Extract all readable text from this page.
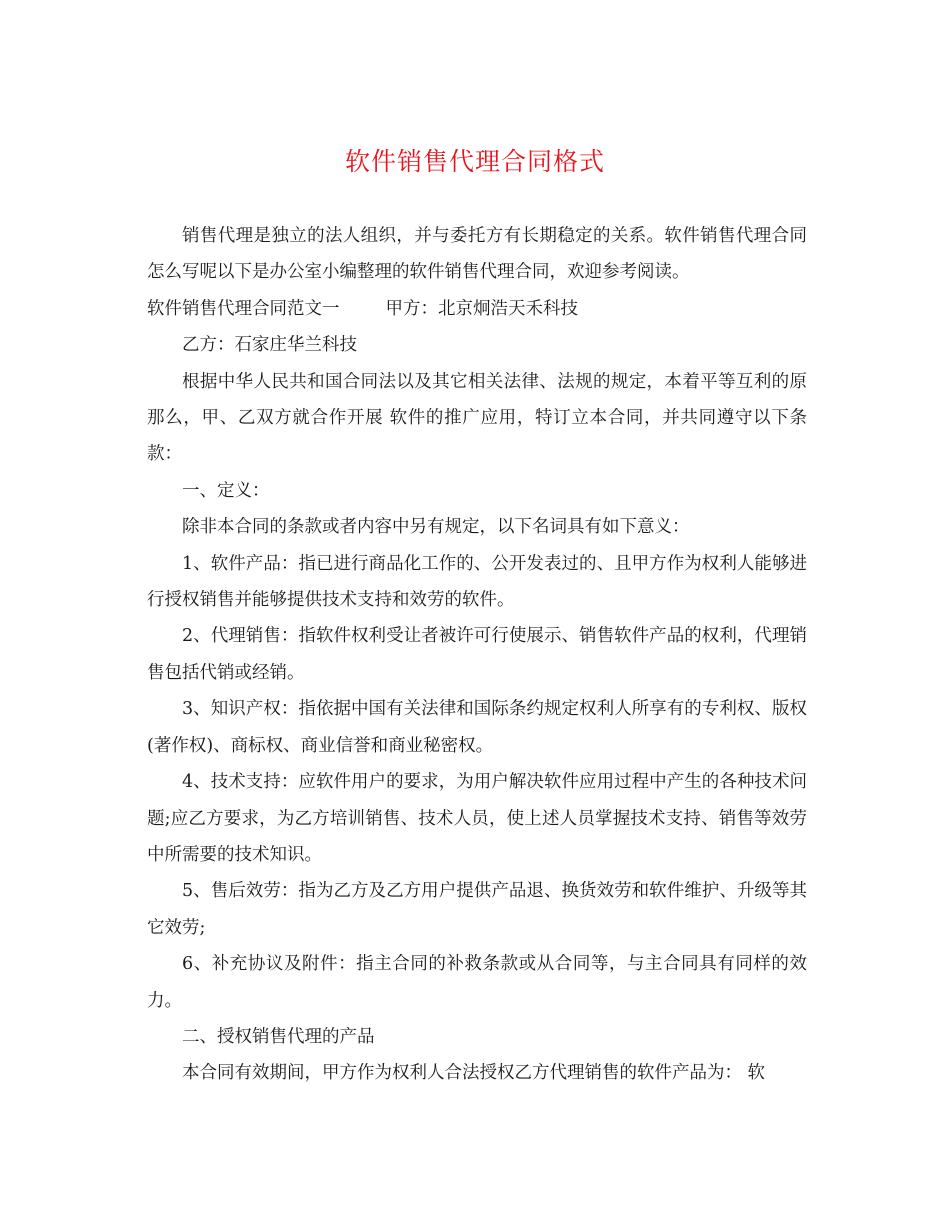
软件销售代理合同格式

销售代理是独立的法人组织，并与委托方有长期稳定的关系。软件销售代理合同怎么写呢以下是办公室小编整理的软件销售代理合同，欢迎参考阅读。

软件销售代理合同范文一	甲方：北京炯浩天禾科技

乙方：石家庄华兰科技

根据中华人民共和国合同法以及其它相关法律、法规的规定，本着平等互利的原那么，甲、乙双方就合作开展 软件的推广应用，特订立本合同，并共同遵守以下条款：

一、定义：

除非本合同的条款或者内容中另有规定，以下名词具有如下意义：

1、软件产品：指已进行商品化工作的、公开发表过的、且甲方作为权利人能够进行授权销售并能够提供技术支持和效劳的软件。

2、代理销售：指软件权利受让者被许可行使展示、销售软件产品的权利，代理销售包括代销或经销。

3、知识产权：指依据中国有关法律和国际条约规定权利人所享有的专利权、版权(著作权)、商标权、商业信誉和商业秘密权。

4、技术支持：应软件用户的要求，为用户解决软件应用过程中产生的各种技术问题;应乙方要求，为乙方培训销售、技术人员，使上述人员掌握技术支持、销售等效劳中所需要的技术知识。

5、售后效劳：指为乙方及乙方用户提供产品退、换货效劳和软件维护、升级等其它效劳;

6、补充协议及附件：指主合同的补救条款或从合同等，与主合同具有同样的效力。

二、授权销售代理的产品

本合同有效期间，甲方作为权利人合法授权乙方代理销售的软件产品为： 软
